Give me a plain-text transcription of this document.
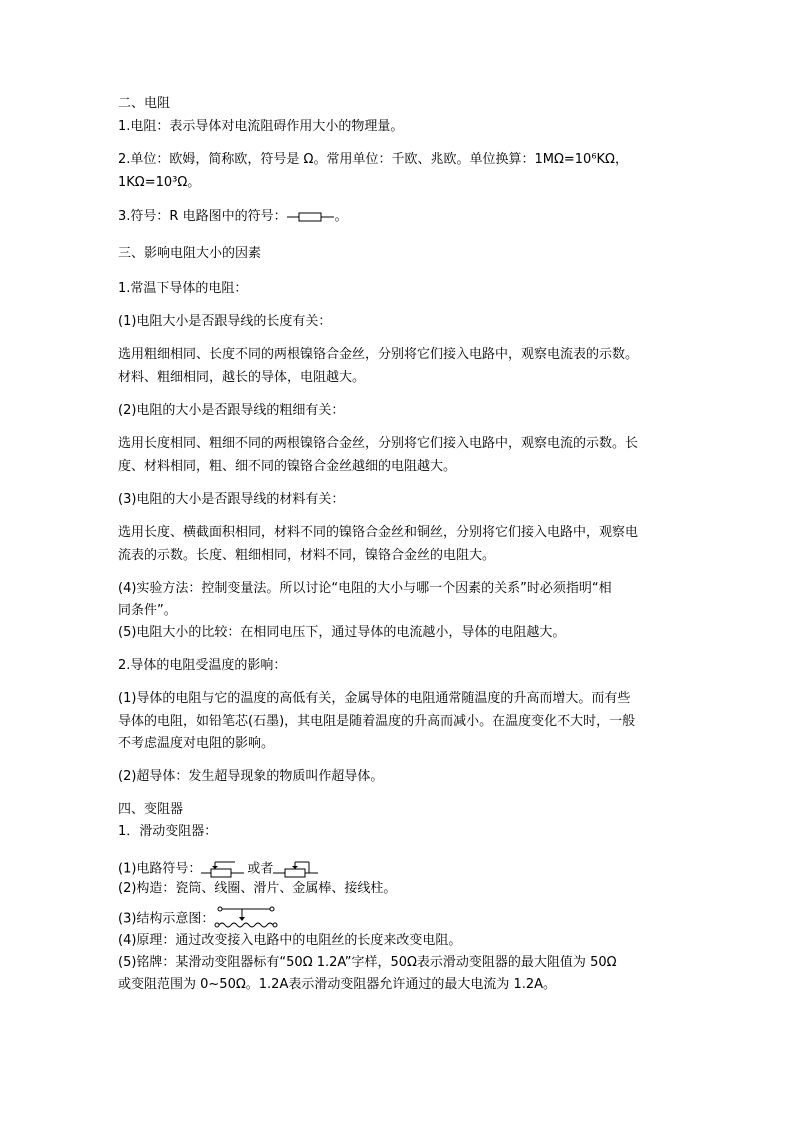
二、电阻
1.电阻：表示导体对电流阻碍作用大小的物理量。
2.单位：欧姆，简称欧，符号是 Ω。常用单位：千欧、兆欧。单位换算：1MΩ=10⁶KΩ，
1KΩ=10³Ω。
3.符号：R 电路图中的符号：	。
三、影响电阻大小的因素
1.常温下导体的电阻：
(1)电阻大小是否跟导线的长度有关：
选用粗细相同、长度不同的两根镍铬合金丝，分别将它们接入电路中，观察电流表的示数。
材料、粗细相同，越长的导体，电阻越大。
(2)电阻的大小是否跟导线的粗细有关：
选用长度相同、粗细不同的两根镍铬合金丝，分别将它们接入电路中，观察电流的示数。长
度、材料相同，粗、细不同的镍铬合金丝越细的电阻越大。
(3)电阻的大小是否跟导线的材料有关：
选用长度、横截面积相同，材料不同的镍铬合金丝和铜丝，分别将它们接入电路中，观察电
流表的示数。长度、粗细相同，材料不同，镍铬合金丝的电阻大。
(4)实验方法：控制变量法。所以讨论“电阻的大小与哪一个因素的关系”时必须指明“相
同条件”。
(5)电阻大小的比较：在相同电压下，通过导体的电流越小，导体的电阻越大。
2.导体的电阻受温度的影响：
(1)导体的电阻与它的温度的高低有关，金属导体的电阻通常随温度的升高而增大。而有些
导体的电阻，如铅笔芯(石墨)，其电阻是随着温度的升高而减小。在温度变化不大时，一般
不考虑温度对电阻的影响。
(2)超导体：发生超导现象的物质叫作超导体。
四、变阻器
1．滑动变阻器：
(1)电路符号：	或者
(2)构造：瓷筒、线圈、滑片、金属棒、接线柱。
(3)结构示意图：
(4)原理：通过改变接入电路中的电阻丝的长度来改变电阻。
(5)铭牌：某滑动变阻器标有“50Ω 1.2A”字样，50Ω表示滑动变阻器的最大阻值为 50Ω
或变阻范围为 0~50Ω。1.2A表示滑动变阻器允许通过的最大电流为 1.2A。
